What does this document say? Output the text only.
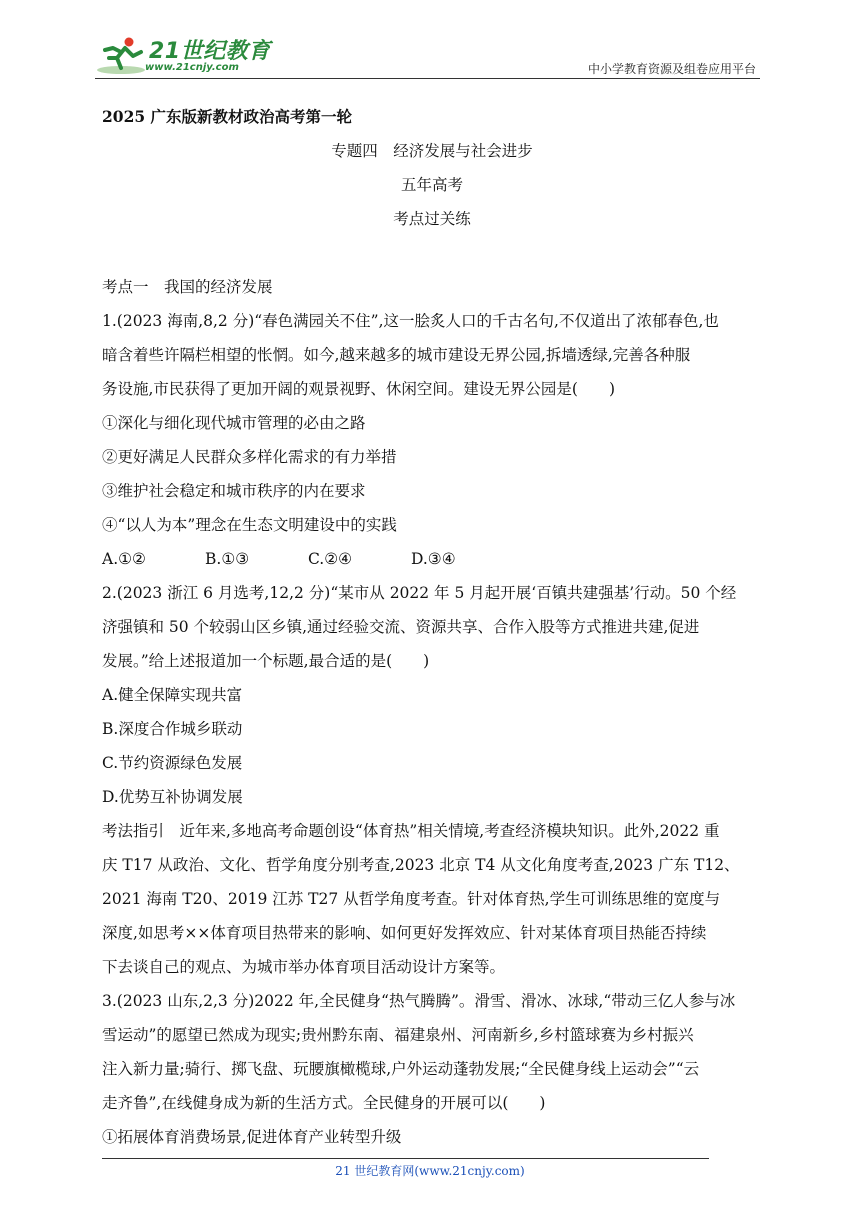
21世纪教育
www.21cnjy.com	中小学教育资源及组卷应用平台

2025 广东版新教材政治高考第一轮

专题四　经济发展与社会进步

五年高考

考点过关练

考点一　我国的经济发展

1.(2023 海南,8,2 分)“春色满园关不住”,这一脍炙人口的千古名句,不仅道出了浓郁春色,也

暗含着些许隔栏相望的怅惘。如今,越来越多的城市建设无界公园,拆墙透绿,完善各种服

务设施,市民获得了更加开阔的观景视野、休闲空间。建设无界公园是(　　)

①深化与细化现代城市管理的必由之路

②更好满足人民群众多样化需求的有力举措

③维护社会稳定和城市秩序的内在要求

④“以人为本”理念在生态文明建设中的实践

A.①②	B.①③	C.②④	D.③④

2.(2023 浙江 6 月选考,12,2 分)“某市从 2022 年 5 月起开展‘百镇共建强基’行动。50 个经

济强镇和 50 个较弱山区乡镇,通过经验交流、资源共享、合作入股等方式推进共建,促进

发展。”给上述报道加一个标题,最合适的是(　　)

A.健全保障实现共富

B.深度合作城乡联动

C.节约资源绿色发展

D.优势互补协调发展

考法指引　近年来,多地高考命题创设“体育热”相关情境,考查经济模块知识。此外,2022 重

庆 T17 从政治、文化、哲学角度分别考查,2023 北京 T4 从文化角度考查,2023 广东 T12、

2021 海南 T20、2019 江苏 T27 从哲学角度考查。针对体育热,学生可训练思维的宽度与

深度,如思考××体育项目热带来的影响、如何更好发挥效应、针对某体育项目热能否持续

下去谈自己的观点、为城市举办体育项目活动设计方案等。

3.(2023 山东,2,3 分)2022 年,全民健身“热气腾腾”。滑雪、滑冰、冰球,“带动三亿人参与冰

雪运动”的愿望已然成为现实;贵州黔东南、福建泉州、河南新乡,乡村篮球赛为乡村振兴

注入新力量;骑行、掷飞盘、玩腰旗橄榄球,户外运动蓬勃发展;“全民健身线上运动会”“云

走齐鲁”,在线健身成为新的生活方式。全民健身的开展可以(　　)

①拓展体育消费场景,促进体育产业转型升级

21 世纪教育网(www.21cnjy.com)
